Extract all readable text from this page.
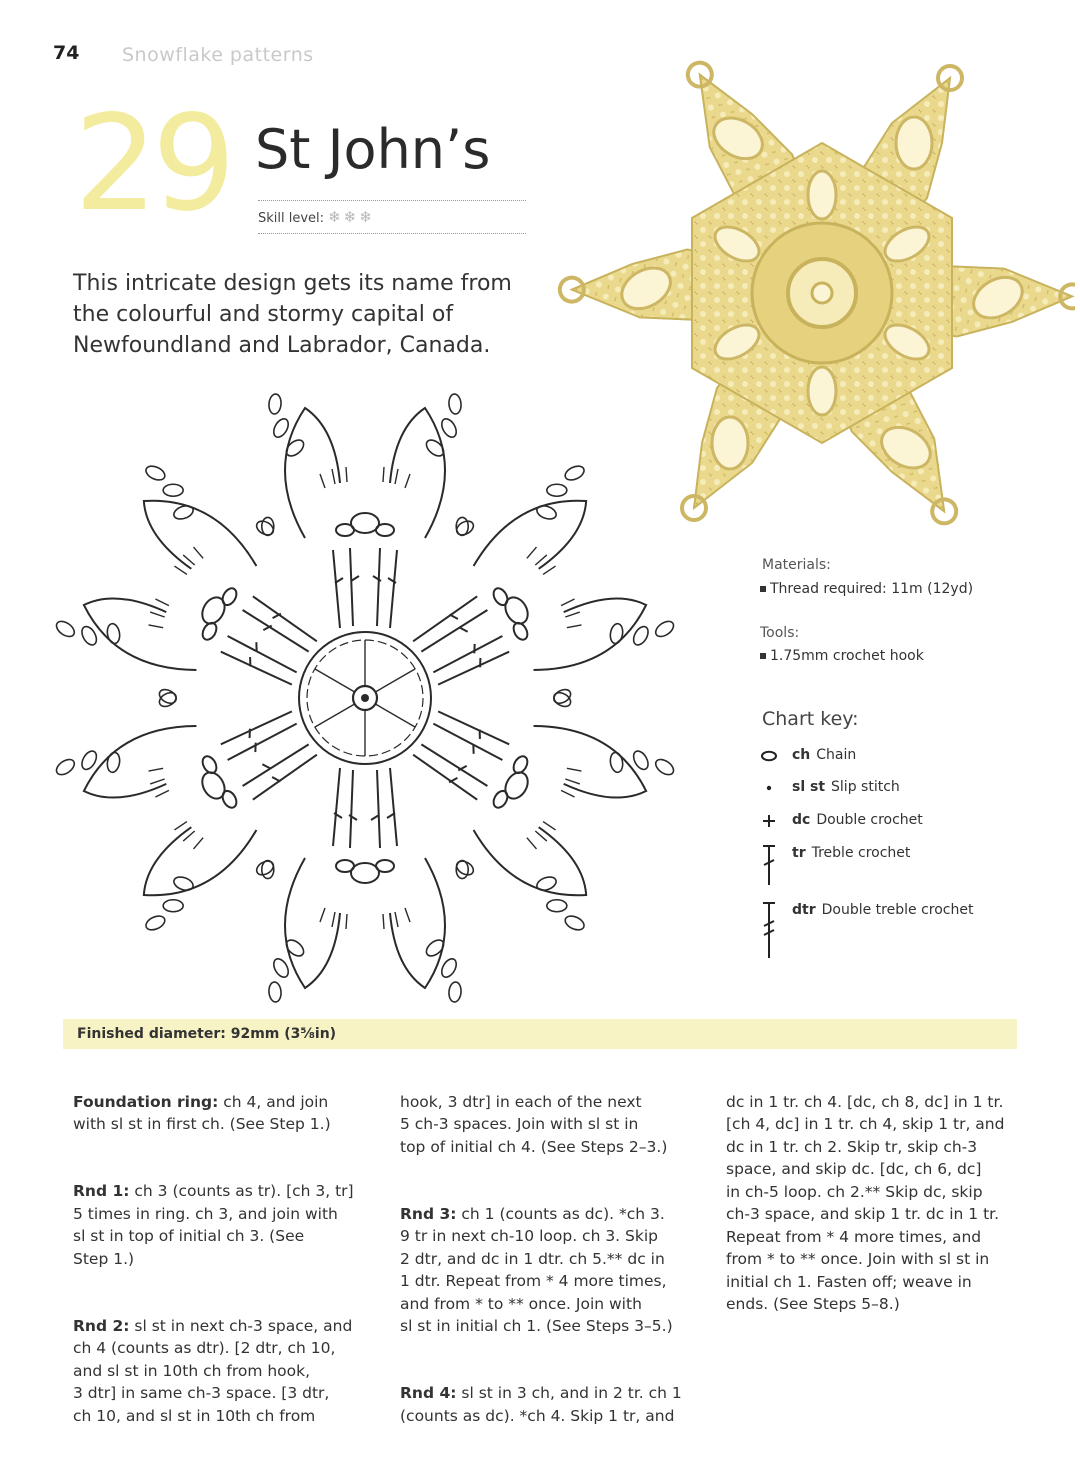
74 Snowflake patterns
29 St John’s
Skill level: ❄ ❄ ❄
This intricate design gets its name from the colourful and stormy capital of Newfoundland and Labrador, Canada.
Materials:
Thread required: 11m (12yd)
Tools:
1.75mm crochet hook
Chart key:
ch Chain
sl st Slip stitch
dc Double crochet
tr Treble crochet
dtr Double treble crochet
Finished diameter: 92mm (3⅝in)

Foundation ring: ch 4, and join
with sl st in first ch. (See Step 1.)

Rnd 1: ch 3 (counts as tr). [ch 3, tr]
5 times in ring. ch 3, and join with
sl st in top of initial ch 3. (See
Step 1.)

Rnd 2: sl st in next ch-3 space, and
ch 4 (counts as dtr). [2 dtr, ch 10,
and sl st in 10th ch from hook,
3 dtr] in same ch-3 space. [3 dtr,
ch 10, and sl st in 10th ch from

hook, 3 dtr] in each of the next
5 ch-3 spaces. Join with sl st in
top of initial ch 4. (See Steps 2–3.)

Rnd 3: ch 1 (counts as dc). *ch 3.
9 tr in next ch-10 loop. ch 3. Skip
2 dtr, and dc in 1 dtr. ch 5.** dc in
1 dtr. Repeat from * 4 more times,
and from * to ** once. Join with
sl st in initial ch 1. (See Steps 3–5.)

Rnd 4: sl st in 3 ch, and in 2 tr. ch 1
(counts as dc). *ch 4. Skip 1 tr, and

dc in 1 tr. ch 4. [dc, ch 8, dc] in 1 tr.
[ch 4, dc] in 1 tr. ch 4, skip 1 tr, and
dc in 1 tr. ch 2. Skip tr, skip ch-3
space, and skip dc. [dc, ch 6, dc]
in ch-5 loop. ch 2.** Skip dc, skip
ch-3 space, and skip 1 tr. dc in 1 tr.
Repeat from * 4 more times, and
from * to ** once. Join with sl st in
initial ch 1. Fasten off; weave in
ends. (See Steps 5–8.)
